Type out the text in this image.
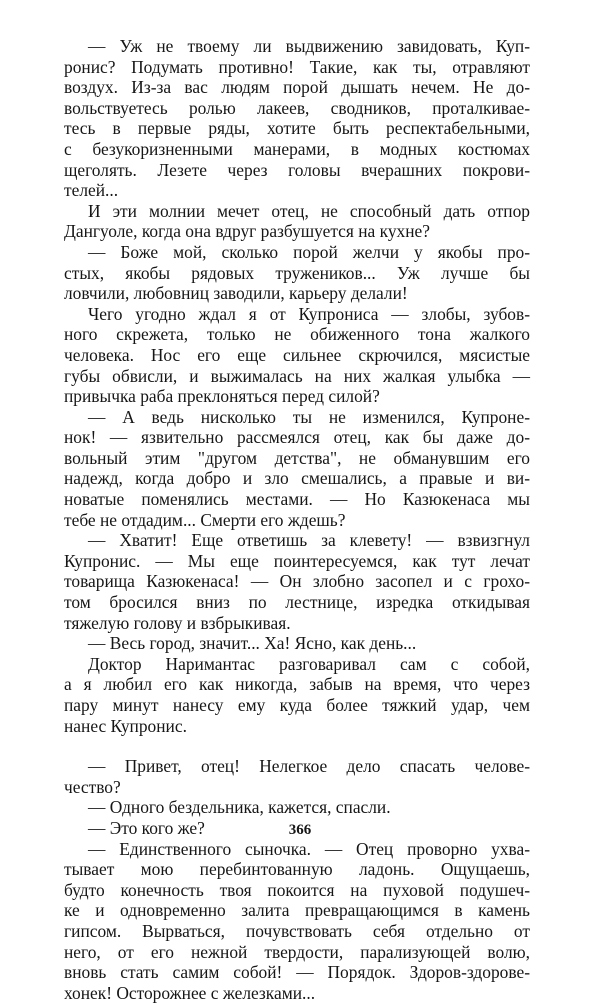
— Уж не твоему ли выдвижению завидовать, Куп-
ронис? Подумать противно! Такие, как ты, отравляют
воздух. Из-за вас людям порой дышать нечем. Не до-
вольствуетесь ролью лакеев, сводников, проталкивае-
тесь в первые ряды, хотите быть респектабельными,
с безукоризненными манерами, в модных костюмах
щеголять. Лезете через головы вчерашних покрови-
телей...

И эти молнии мечет отец, не способный дать отпор
Дангуоле, когда она вдруг разбушуется на кухне?

— Боже мой, сколько порой желчи у якобы про-
стых, якобы рядовых тружеников... Уж лучше бы
ловчили, любовниц заводили, карьеру делали!

Чего угодно ждал я от Купрониса — злобы, зубов-
ного скрежета, только не обиженного тона жалкого
человека. Нос его еще сильнее скрючился, мясистые
губы обвисли, и выжималась на них жалкая улыбка —
привычка раба преклоняться перед силой?

— А ведь нисколько ты не изменился, Купроне-
нок! — язвительно рассмеялся отец, как бы даже до-
вольный этим "другом детства", не обманувшим его
надежд, когда добро и зло смешались, а правые и ви-
новатые поменялись местами. — Но Казюкенаса мы
тебе не отдадим... Смерти его ждешь?

— Хватит! Еще ответишь за клевету! — взвизгнул
Купронис. — Мы еще поинтересуемся, как тут лечат
товарища Казюкенаса! — Он злобно засопел и с грохо-
том бросился вниз по лестнице, изредка откидывая
тяжелую голову и взбрыкивая.

— Весь город, значит... Ха! Ясно, как день...

Доктор Наримантас разговаривал сам с собой,
а я любил его как никогда, забыв на время, что через
пару минут нанесу ему куда более тяжкий удар, чем
нанес Купронис.

— Привет, отец! Нелегкое дело спасать челове-
чество?

— Одного бездельника, кажется, спасли.

— Это кого же?

— Единственного сыночка. — Отец проворно ухва-
тывает мою перебинтованную ладонь. Ощущаешь,
будто конечность твоя покоится на пуховой подушеч-
ке и одновременно залита превращающимся в камень
гипсом. Вырваться, почувствовать себя отдельно от
него, от его нежной твердости, парализующей волю,
вновь стать самим собой! — Порядок. Здоров-здорове-
хонек! Осторожнее с железками...

366
